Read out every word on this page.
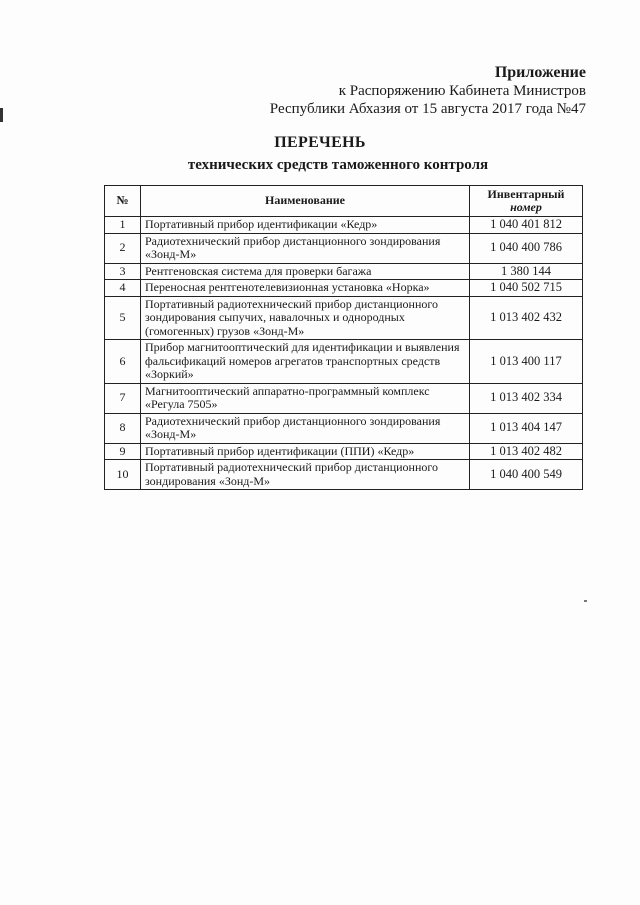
Приложение
к Распоряжению Кабинета Министров
Республики Абхазия от 15 августа 2017 года №47
ПЕРЕЧЕНЬ
технических средств таможенного контроля
№	Наименование	Инвентарный
номер

1	Портативный прибор идентификации «Кедр»	1 040 401 812
2	Радиотехнический прибор дистанционного зондирования «Зонд-М»	1 040 400 786
3	Рентгеновская система для проверки багажа	1 380 144
4	Переносная рентгенотелевизионная установка «Норка»	1 040 502 715
5	Портативный радиотехнический прибор дистанционного зондирования сыпучих, навалочных и однородных (гомогенных) грузов «Зонд-М»	1 013 402 432
6	Прибор магнитооптический для идентификации и выявления фальсификаций номеров агрегатов транспортных средств «Зоркий»	1 013 400 117
7	Магнитооптический аппаратно-программный комплекс «Регула 7505»	1 013 402 334
8	Радиотехнический прибор дистанционного зондирования «Зонд-М»	1 013 404 147
9	Портативный прибор идентификации (ППИ) «Кедр»	1 013 402 482
10	Портативный радиотехнический прибор дистанционного зондирования «Зонд-М»	1 040 400 549
